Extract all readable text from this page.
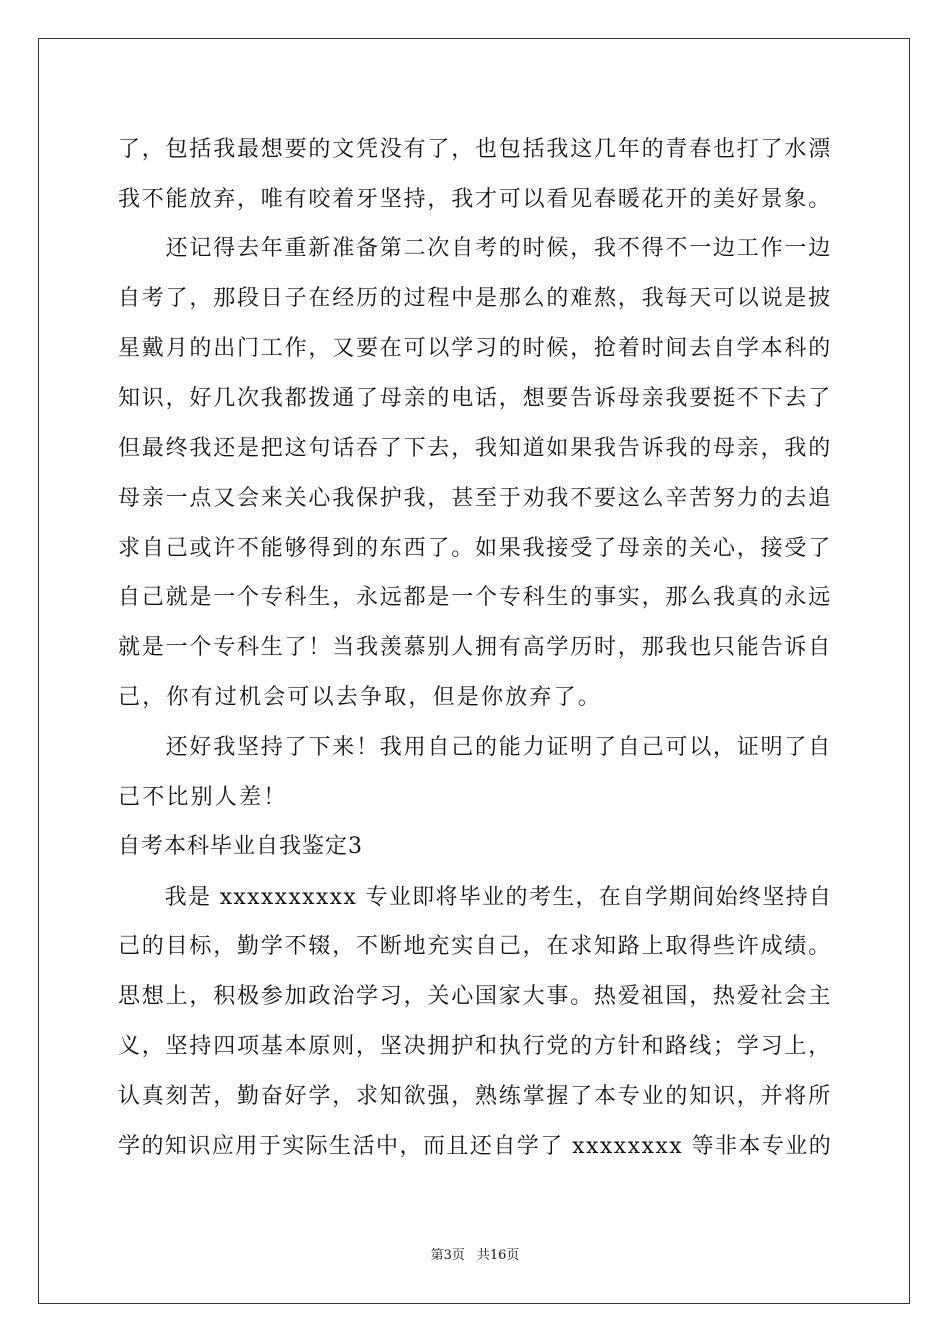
了，包括我最想要的文凭没有了，也包括我这几年的青春也打了水漂
我不能放弃，唯有咬着牙坚持，我才可以看见春暖花开的美好景象。
　　还记得去年重新准备第二次自考的时候，我不得不一边工作一边
自考了，那段日子在经历的过程中是那么的难熬，我每天可以说是披
星戴月的出门工作，又要在可以学习的时候，抢着时间去自学本科的
知识，好几次我都拨通了母亲的电话，想要告诉母亲我要挺不下去了
但最终我还是把这句话吞了下去，我知道如果我告诉我的母亲，我的
母亲一点又会来关心我保护我，甚至于劝我不要这么辛苦努力的去追
求自己或许不能够得到的东西了。如果我接受了母亲的关心，接受了
自己就是一个专科生，永远都是一个专科生的事实，那么我真的永远
就是一个专科生了！当我羡慕别人拥有高学历时，那我也只能告诉自
己，你有过机会可以去争取，但是你放弃了。
　　还好我坚持了下来！我用自己的能力证明了自己可以，证明了自
己不比别人差！
自考本科毕业自我鉴定3
　　我是 xxxxxxxxxx 专业即将毕业的考生，在自学期间始终坚持自
己的目标，勤学不辍，不断地充实自己，在求知路上取得些许成绩。
思想上，积极参加政治学习，关心国家大事。热爱祖国，热爱社会主
义，坚持四项基本原则，坚决拥护和执行党的方针和路线；学习上，
认真刻苦，勤奋好学，求知欲强，熟练掌握了本专业的知识，并将所
学的知识应用于实际生活中，而且还自学了 xxxxxxxx 等非本专业的
第3页 共16页
